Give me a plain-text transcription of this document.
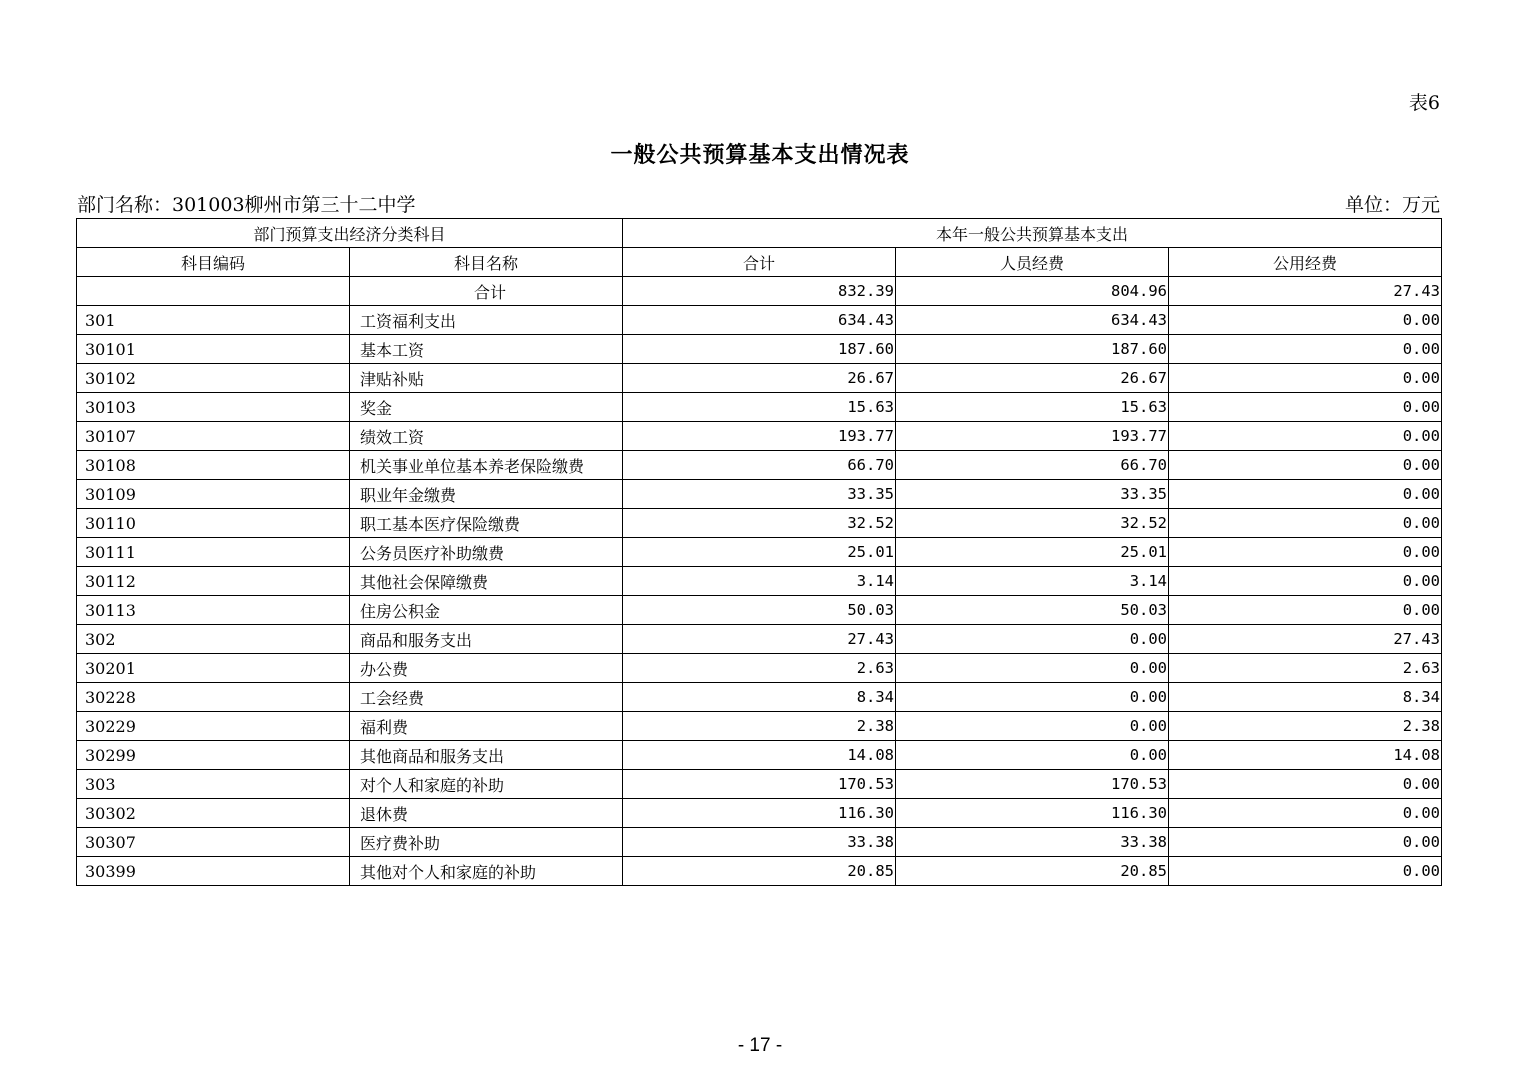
表6
一般公共预算基本支出情况表
部门名称：301003柳州市第三十二中学	单位：万元
部门预算支出经济分类科目		本年一般公共预算基本支出		
科目编码	科目名称	合计	人员经费	公用经费
	合计	832.39	804.96	27.43
301	工资福利支出	634.43	634.43	0.00
30101	基本工资	187.60	187.60	0.00
30102	津贴补贴	26.67	26.67	0.00
30103	奖金	15.63	15.63	0.00
30107	绩效工资	193.77	193.77	0.00
30108	机关事业单位基本养老保险缴费	66.70	66.70	0.00
30109	职业年金缴费	33.35	33.35	0.00
30110	职工基本医疗保险缴费	32.52	32.52	0.00
30111	公务员医疗补助缴费	25.01	25.01	0.00
30112	其他社会保障缴费	3.14	3.14	0.00
30113	住房公积金	50.03	50.03	0.00
302	商品和服务支出	27.43	0.00	27.43
30201	办公费	2.63	0.00	2.63
30228	工会经费	8.34	0.00	8.34
30229	福利费	2.38	0.00	2.38
30299	其他商品和服务支出	14.08	0.00	14.08
303	对个人和家庭的补助	170.53	170.53	0.00
30302	退休费	116.30	116.30	0.00
30307	医疗费补助	33.38	33.38	0.00
30399	其他对个人和家庭的补助	20.85	20.85	0.00
- 17 -
